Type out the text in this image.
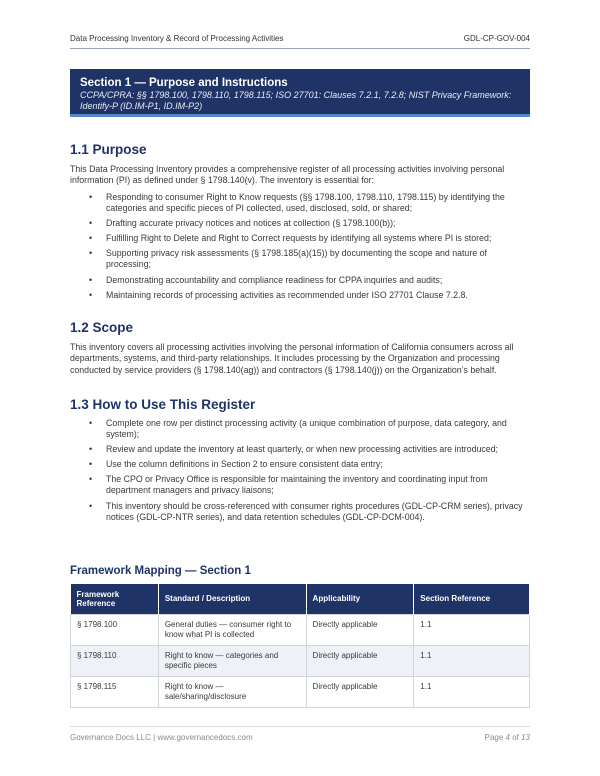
Data Processing Inventory & Record of Processing Activities	GDL-CP-GOV-004
Section 1 — Purpose and Instructions
CCPA/CPRA: §§ 1798.100, 1798.110, 1798.115; ISO 27701: Clauses 7.2.1, 7.2.8; NIST Privacy Framework: Identify-P (ID.IM-P1, ID.IM-P2)
1.1 Purpose

This Data Processing Inventory provides a comprehensive register of all processing activities involving personal information (PI) as defined under § 1798.140(v). The inventory is essential for:

• Responding to consumer Right to Know requests (§§ 1798.100, 1798.110, 1798.115) by identifying the categories and specific pieces of PI collected, used, disclosed, sold, or shared;
• Drafting accurate privacy notices and notices at collection (§ 1798.100(b));
• Fulfilling Right to Delete and Right to Correct requests by identifying all systems where PI is stored;
• Supporting privacy risk assessments (§ 1798.185(a)(15)) by documenting the scope and nature of processing;
• Demonstrating accountability and compliance readiness for CPPA inquiries and audits;
• Maintaining records of processing activities as recommended under ISO 27701 Clause 7.2.8.
1.2 Scope

This inventory covers all processing activities involving the personal information of California consumers across all departments, systems, and third-party relationships. It includes processing by the Organization and processing conducted by service providers (§ 1798.140(ag)) and contractors (§ 1798.140(j)) on the Organization’s behalf.

1.3 How to Use This Register
• Complete one row per distinct processing activity (a unique combination of purpose, data category, and system);
• Review and update the inventory at least quarterly, or when new processing activities are introduced;
• Use the column definitions in Section 2 to ensure consistent data entry;
• The CPO or Privacy Office is responsible for maintaining the inventory and coordinating input from department managers and privacy liaisons;
• This inventory should be cross-referenced with consumer rights procedures (GDL-CP-CRM series), privacy notices (GDL-CP-NTR series), and data retention schedules (GDL-CP-DCM-004).
Framework Mapping — Section 1
Framework Reference	Standard / Description	Applicability	Section Reference
§ 1798.100	General duties — consumer right to know what PI is collected	Directly applicable	1.1
§ 1798.110	Right to know — categories and specific pieces	Directly applicable	1.1
§ 1798.115	Right to know — sale/sharing/disclosure	Directly applicable	1.1
Governance Docs LLC | www.governancedocs.com	Page 4 of 13
